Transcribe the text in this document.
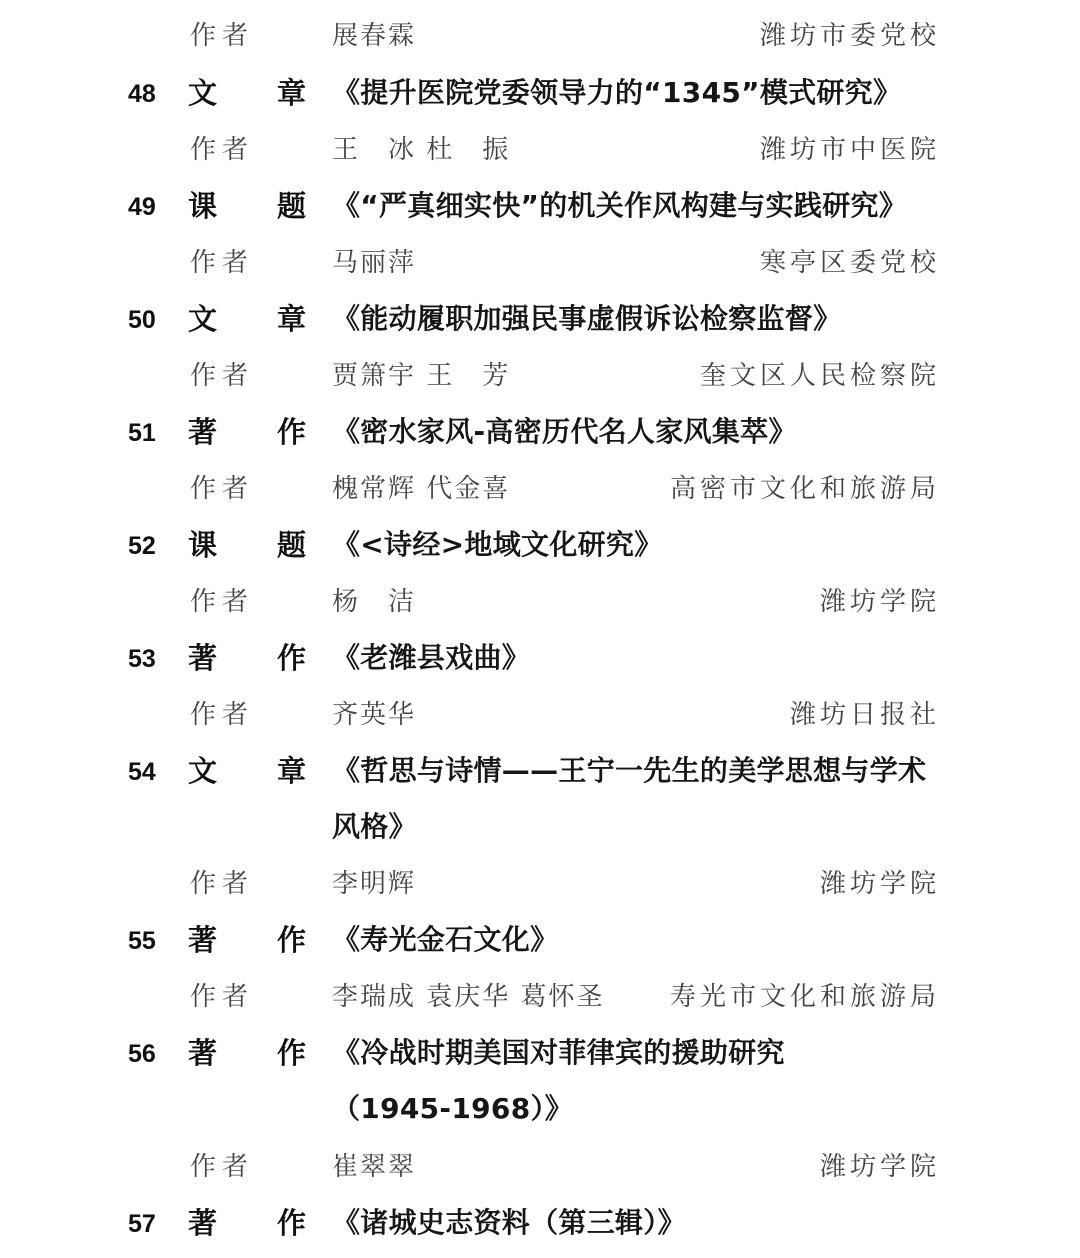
作者	展春霖	潍坊市委党校
48 文 章 《提升医院党委领导力的“1345”模式研究》
作者	王　冰 杜　振	潍坊市中医院
49 课 题 《“严真细实快”的机关作风构建与实践研究》
作者	马丽萍	寒亭区委党校
50 文 章 《能动履职加强民事虚假诉讼检察监督》
作者	贾箫宇 王　芳	奎文区人民检察院
51 著 作 《密水家风-高密历代名人家风集萃》
作者	槐常辉 代金喜	高密市文化和旅游局
52 课 题 《<诗经>地域文化研究》
作者	杨　洁	潍坊学院
53 著 作 《老潍县戏曲》
作者	齐英华	潍坊日报社
54 文 章 《哲思与诗情——王宁一先生的美学思想与学术
风格》
作者	李明辉	潍坊学院
55 著 作 《寿光金石文化》
作者	李瑞成 袁庆华 葛怀圣	寿光市文化和旅游局
56 著 作 《冷战时期美国对菲律宾的援助研究
（1945-1968）》
作者	崔翠翠	潍坊学院
57 著 作 《诸城史志资料（第三辑）》
